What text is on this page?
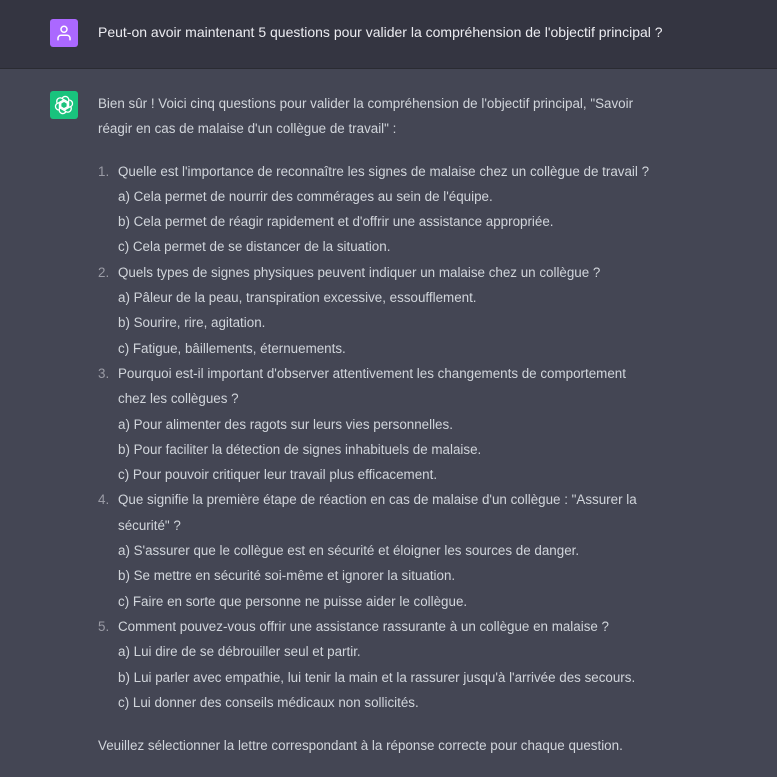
Peut-on avoir maintenant 5 questions pour valider la compréhension de l'objectif principal ?
Bien sûr ! Voici cinq questions pour valider la compréhension de l'objectif principal, "Savoir
réagir en cas de malaise d'un collègue de travail" :
1. Quelle est l'importance de reconnaître les signes de malaise chez un collègue de travail ?
a) Cela permet de nourrir des commérages au sein de l'équipe.
b) Cela permet de réagir rapidement et d'offrir une assistance appropriée.
c) Cela permet de se distancer de la situation.
2. Quels types de signes physiques peuvent indiquer un malaise chez un collègue ?
a) Pâleur de la peau, transpiration excessive, essoufflement.
b) Sourire, rire, agitation.
c) Fatigue, bâillements, éternuements.
3. Pourquoi est-il important d'observer attentivement les changements de comportement
chez les collègues ?
a) Pour alimenter des ragots sur leurs vies personnelles.
b) Pour faciliter la détection de signes inhabituels de malaise.
c) Pour pouvoir critiquer leur travail plus efficacement.
4. Que signifie la première étape de réaction en cas de malaise d'un collègue : "Assurer la
sécurité" ?
a) S'assurer que le collègue est en sécurité et éloigner les sources de danger.
b) Se mettre en sécurité soi-même et ignorer la situation.
c) Faire en sorte que personne ne puisse aider le collègue.
5. Comment pouvez-vous offrir une assistance rassurante à un collègue en malaise ?
a) Lui dire de se débrouiller seul et partir.
b) Lui parler avec empathie, lui tenir la main et la rassurer jusqu'à l'arrivée des secours.
c) Lui donner des conseils médicaux non sollicités.
Veuillez sélectionner la lettre correspondant à la réponse correcte pour chaque question.
